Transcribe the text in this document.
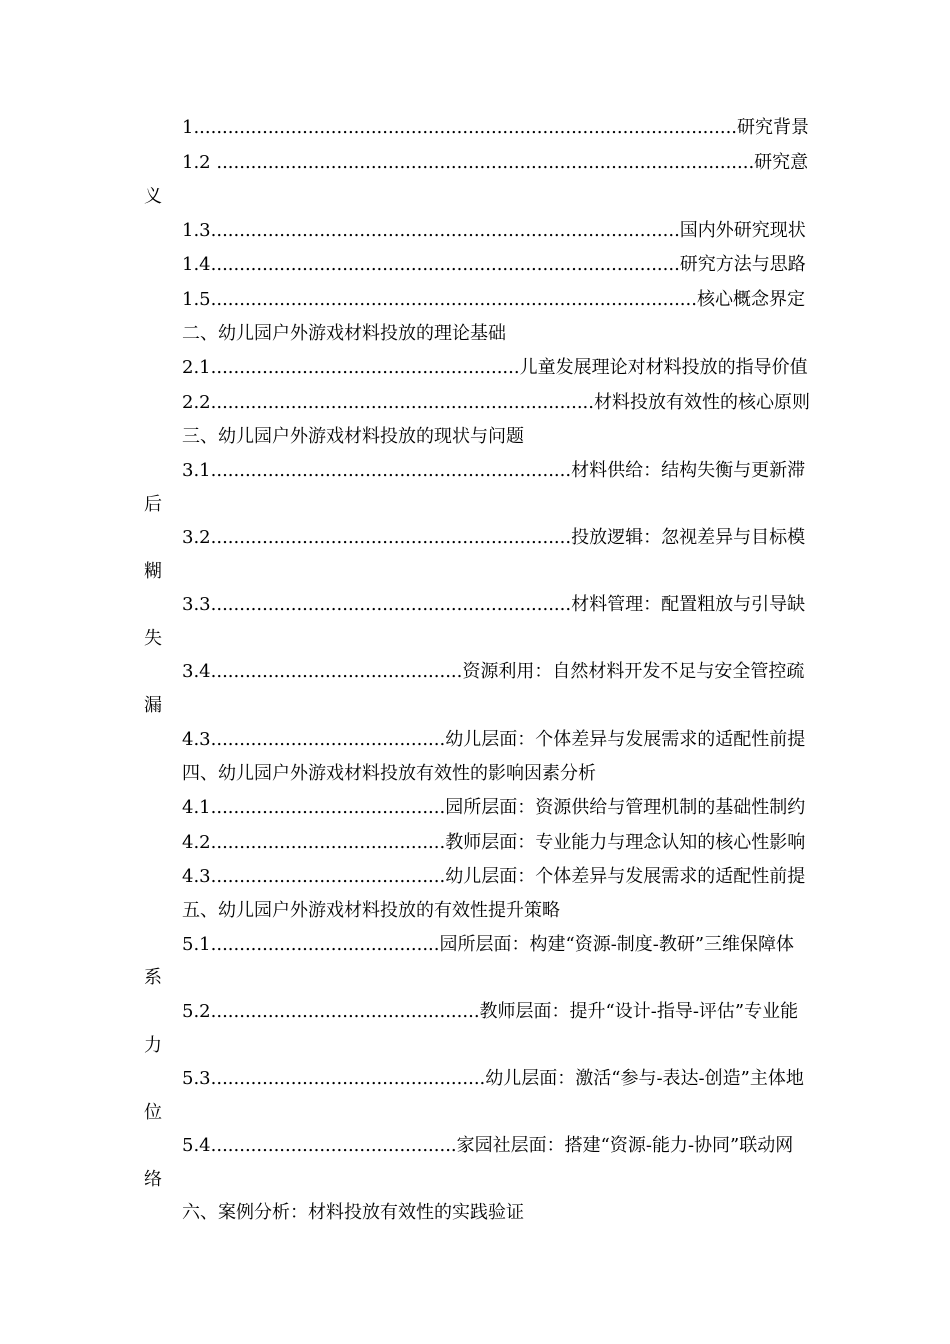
1...............................................................................................研究背景
1.2 ..............................................................................................研究意
义
1.3..................................................................................国内外研究现状
1.4..................................................................................研究方法与思路
1.5.....................................................................................核心概念界定
二、幼儿园户外游戏材料投放的理论基础
2.1......................................................儿童发展理论对材料投放的指导价值
2.2...................................................................材料投放有效性的核心原则
三、幼儿园户外游戏材料投放的现状与问题
3.1...............................................................材料供给：结构失衡与更新滞
后
3.2...............................................................投放逻辑：忽视差异与目标模
糊
3.3...............................................................材料管理：配置粗放与引导缺
失
3.4............................................资源利用：自然材料开发不足与安全管控疏
漏
4.3.........................................幼儿层面：个体差异与发展需求的适配性前提
四、幼儿园户外游戏材料投放有效性的影响因素分析
4.1.........................................园所层面：资源供给与管理机制的基础性制约
4.2.........................................教师层面：专业能力与理念认知的核心性影响
4.3.........................................幼儿层面：个体差异与发展需求的适配性前提
五、幼儿园户外游戏材料投放的有效性提升策略
5.1........................................园所层面：构建“资源-制度-教研”三维保障体
系
5.2...............................................教师层面：提升“设计-指导-评估”专业能
力
5.3................................................幼儿层面：激活“参与-表达-创造”主体地
位
5.4...........................................家园社层面：搭建“资源-能力-协同”联动网
络
六、案例分析：材料投放有效性的实践验证
